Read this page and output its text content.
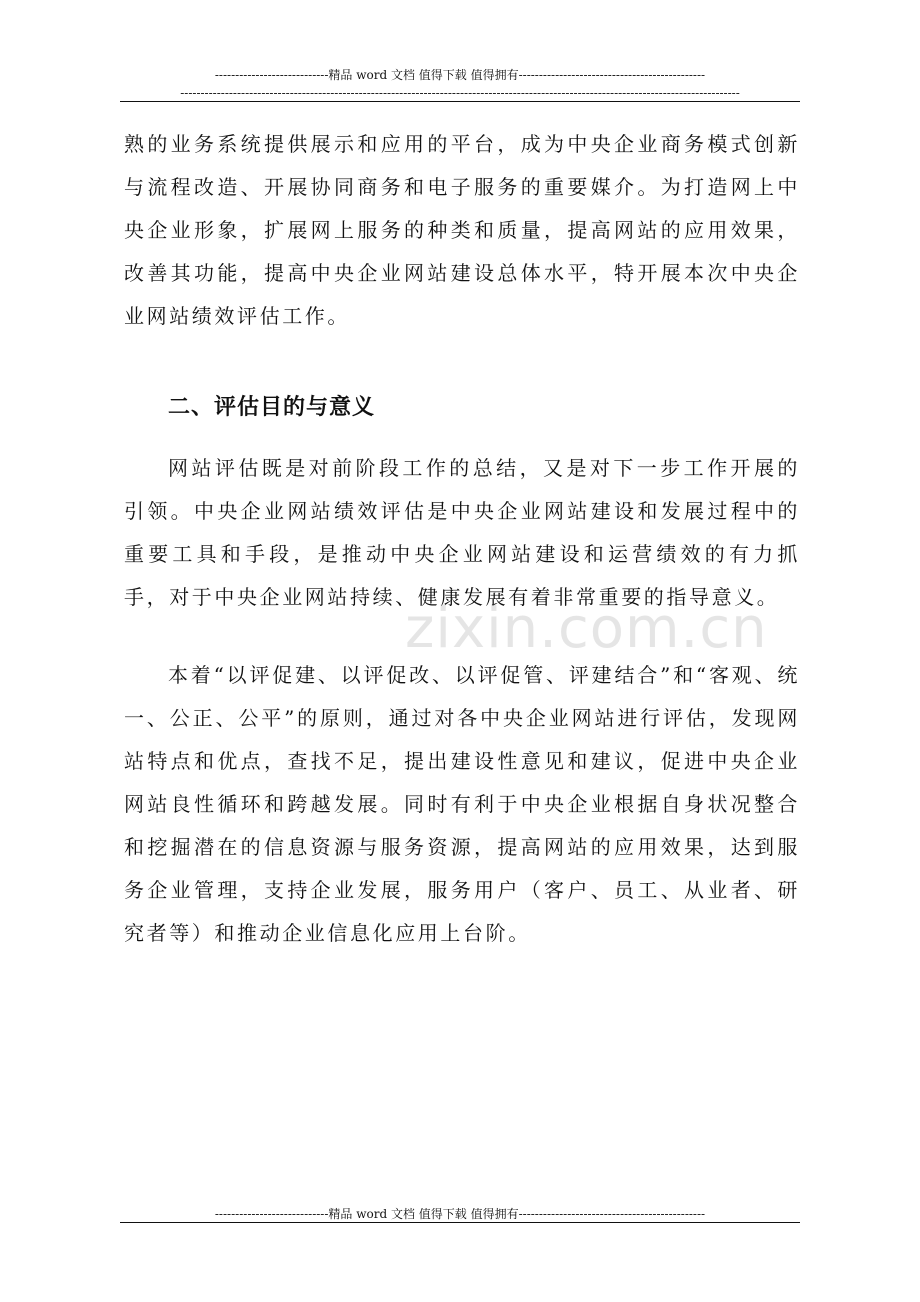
----------------------------精品 word 文档 值得下载 值得拥有----------------------------------------------
------------------------------------------------------------------------------------------------------------------------------------------

熟的业务系统提供展示和应用的平台，成为中央企业商务模式创新与流程改造、开展协同商务和电子服务的重要媒介。为打造网上中央企业形象，扩展网上服务的种类和质量，提高网站的应用效果，改善其功能，提高中央企业网站建设总体水平，特开展本次中央企业网站绩效评估工作。

二、评估目的与意义

网站评估既是对前阶段工作的总结，又是对下一步工作开展的引领。中央企业网站绩效评估是中央企业网站建设和发展过程中的重要工具和手段，是推动中央企业网站建设和运营绩效的有力抓手，对于中央企业网站持续、健康发展有着非常重要的指导意义。

本着“以评促建、以评促改、以评促管、评建结合”和“客观、统一、公正、公平”的原则，通过对各中央企业网站进行评估，发现网站特点和优点，查找不足，提出建设性意见和建议，促进中央企业网站良性循环和跨越发展。同时有利于中央企业根据自身状况整合和挖掘潜在的信息资源与服务资源，提高网站的应用效果，达到服务企业管理，支持企业发展，服务用户（客户、员工、从业者、研究者等）和推动企业信息化应用上台阶。

zixin.com.cn
----------------------------精品 word 文档 值得下载 值得拥有----------------------------------------------
